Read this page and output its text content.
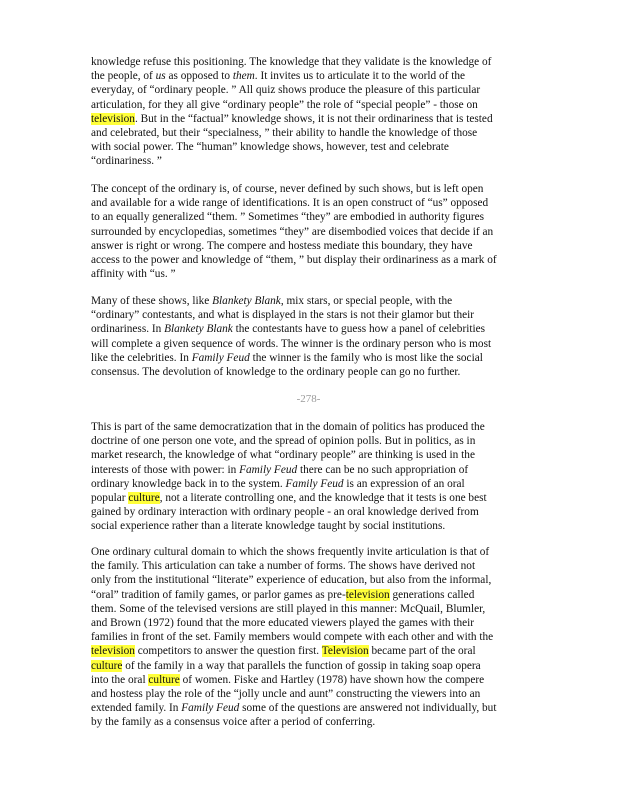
knowledge refuse this positioning. The knowledge that they validate is the knowledge of
the people, of us as opposed to them. It invites us to articulate it to the world of the
everyday, of “ordinary people. ” All quiz shows produce the pleasure of this particular
articulation, for they all give “ordinary people” the role of “special people” - those on
television. But in the “factual” knowledge shows, it is not their ordinariness that is tested
and celebrated, but their “specialness, ” their ability to handle the knowledge of those
with social power. The “human” knowledge shows, however, test and celebrate
“ordinariness. ”
The concept of the ordinary is, of course, never defined by such shows, but is left open
and available for a wide range of identifications. It is an open construct of “us” opposed
to an equally generalized “them. ” Sometimes “they” are embodied in authority figures
surrounded by encyclopedias, sometimes “they” are disembodied voices that decide if an
answer is right or wrong. The compere and hostess mediate this boundary, they have
access to the power and knowledge of “them, ” but display their ordinariness as a mark of
affinity with “us. ”
Many of these shows, like Blankety Blank, mix stars, or special people, with the
“ordinary” contestants, and what is displayed in the stars is not their glamor but their
ordinariness. In Blankety Blank the contestants have to guess how a panel of celebrities
will complete a given sequence of words. The winner is the ordinary person who is most
like the celebrities. In Family Feud the winner is the family who is most like the social
consensus. The devolution of knowledge to the ordinary people can go no further.
-278-
This is part of the same democratization that in the domain of politics has produced the
doctrine of one person one vote, and the spread of opinion polls. But in politics, as in
market research, the knowledge of what “ordinary people” are thinking is used in the
interests of those with power: in Family Feud there can be no such appropriation of
ordinary knowledge back in to the system. Family Feud is an expression of an oral
popular culture, not a literate controlling one, and the knowledge that it tests is one best
gained by ordinary interaction with ordinary people - an oral knowledge derived from
social experience rather than a literate knowledge taught by social institutions.
One ordinary cultural domain to which the shows frequently invite articulation is that of
the family. This articulation can take a number of forms. The shows have derived not
only from the institutional “literate” experience of education, but also from the informal,
“oral” tradition of family games, or parlor games as pre-television generations called
them. Some of the televised versions are still played in this manner: McQuail, Blumler,
and Brown (1972) found that the more educated viewers played the games with their
families in front of the set. Family members would compete with each other and with the
television competitors to answer the question first. Television became part of the oral
culture of the family in a way that parallels the function of gossip in taking soap opera
into the oral culture of women. Fiske and Hartley (1978) have shown how the compere
and hostess play the role of the “jolly uncle and aunt” constructing the viewers into an
extended family. In Family Feud some of the questions are answered not individually, but
by the family as a consensus voice after a period of conferring.
